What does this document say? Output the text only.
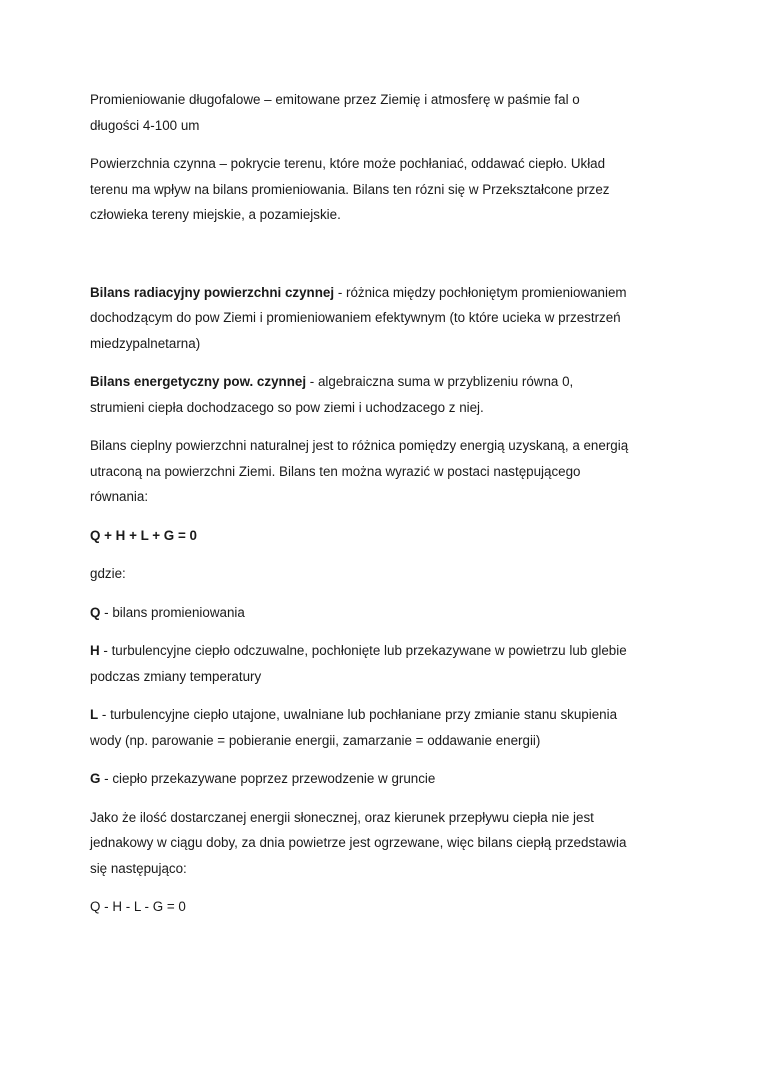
Promieniowanie długofalowe – emitowane przez Ziemię i atmosferę w paśmie fal o długości 4-100 um

Powierzchnia czynna – pokrycie terenu, które może pochłaniać, oddawać ciepło. Układ terenu ma wpływ na bilans promieniowania. Bilans ten rózni się w Przekształcone przez człowieka tereny miejskie, a pozamiejskie.

Bilans radiacyjny powierzchni czynnej - różnica między pochłoniętym promieniowaniem dochodzącym do pow Ziemi i promieniowaniem efektywnym (to które ucieka w przestrzeń miedzypalnetarna)

Bilans energetyczny pow. czynnej - algebraiczna suma w przyblizeniu równa 0, strumieni ciepła dochodzacego so pow ziemi i uchodzacego z niej.

Bilans cieplny powierzchni naturalnej jest to różnica pomiędzy energią uzyskaną, a energią utraconą na powierzchni Ziemi. Bilans ten można wyrazić w postaci następującego równania:

Q + H + L + G = 0

gdzie:

Q - bilans promieniowania

H - turbulencyjne ciepło odczuwalne, pochłonięte lub przekazywane w powietrzu lub glebie podczas zmiany temperatury

L - turbulencyjne ciepło utajone, uwalniane lub pochłaniane przy zmianie stanu skupienia wody (np. parowanie = pobieranie energii, zamarzanie = oddawanie energii)

G - ciepło przekazywane poprzez przewodzenie w gruncie

Jako że ilość dostarczanej energii słonecznej, oraz kierunek przepływu ciepła nie jest jednakowy w ciągu doby, za dnia powietrze jest ogrzewane, więc bilans ciepłą przedstawia się następująco:

Q - H - L - G = 0
